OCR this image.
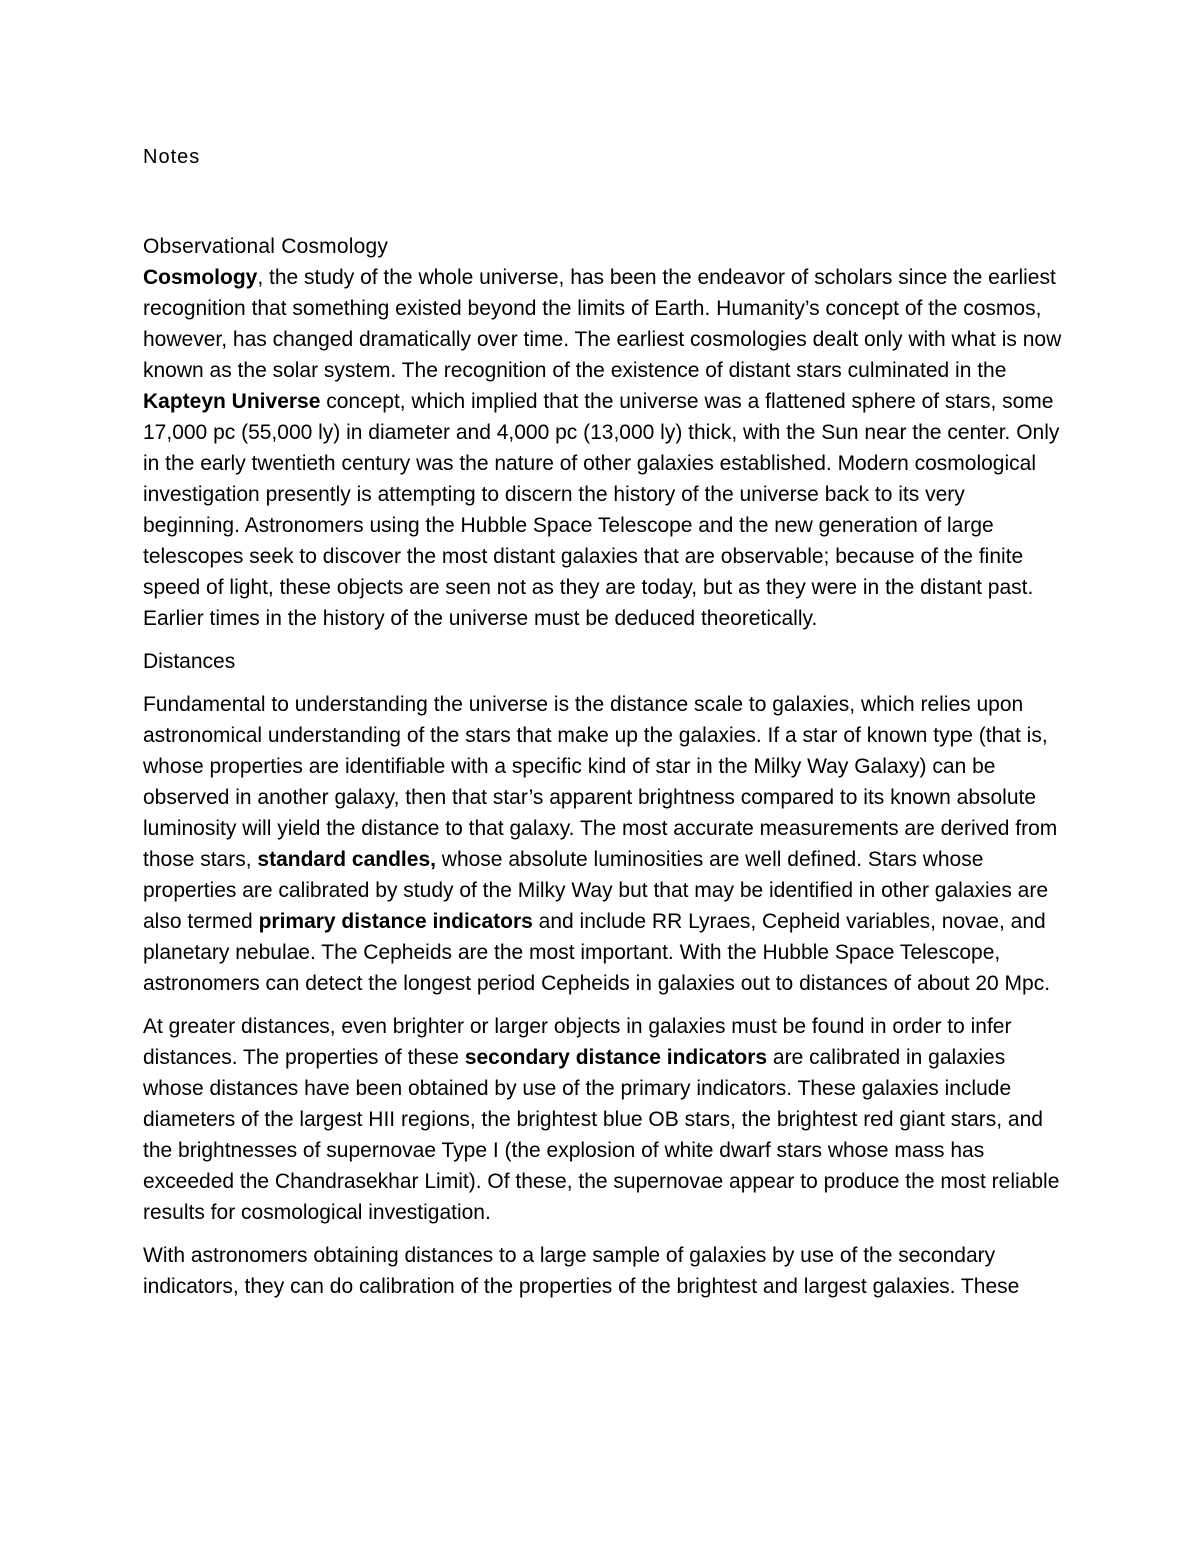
Notes

Observational Cosmology

Cosmology, the study of the whole universe, has been the endeavor of scholars since the earliest recognition that something existed beyond the limits of Earth. Humanity’s concept of the cosmos, however, has changed dramatically over time. The earliest cosmologies dealt only with what is now known as the solar system. The recognition of the existence of distant stars culminated in the Kapteyn Universe concept, which implied that the universe was a flattened sphere of stars, some 17,000 pc (55,000 ly) in diameter and 4,000 pc (13,000 ly) thick, with the Sun near the center. Only in the early twentieth century was the nature of other galaxies established. Modern cosmological investigation presently is attempting to discern the history of the universe back to its very beginning. Astronomers using the Hubble Space Telescope and the new generation of large telescopes seek to discover the most distant galaxies that are observable; because of the finite speed of light, these objects are seen not as they are today, but as they were in the distant past. Earlier times in the history of the universe must be deduced theoretically.

Distances

Fundamental to understanding the universe is the distance scale to galaxies, which relies upon astronomical understanding of the stars that make up the galaxies. If a star of known type (that is, whose properties are identifiable with a specific kind of star in the Milky Way Galaxy) can be observed in another galaxy, then that star’s apparent brightness compared to its known absolute luminosity will yield the distance to that galaxy. The most accurate measurements are derived from those stars, standard candles, whose absolute luminosities are well defined. Stars whose properties are calibrated by study of the Milky Way but that may be identified in other galaxies are also termed primary distance indicators and include RR Lyraes, Cepheid variables, novae, and planetary nebulae. The Cepheids are the most important. With the Hubble Space Telescope, astronomers can detect the longest period Cepheids in galaxies out to distances of about 20 Mpc.

At greater distances, even brighter or larger objects in galaxies must be found in order to infer distances. The properties of these secondary distance indicators are calibrated in galaxies whose distances have been obtained by use of the primary indicators. These galaxies include diameters of the largest HII regions, the brightest blue OB stars, the brightest red giant stars, and the brightnesses of supernovae Type I (the explosion of white dwarf stars whose mass has exceeded the Chandrasekhar Limit). Of these, the supernovae appear to produce the most reliable results for cosmological investigation.

With astronomers obtaining distances to a large sample of galaxies by use of the secondary indicators, they can do calibration of the properties of the brightest and largest galaxies. These
